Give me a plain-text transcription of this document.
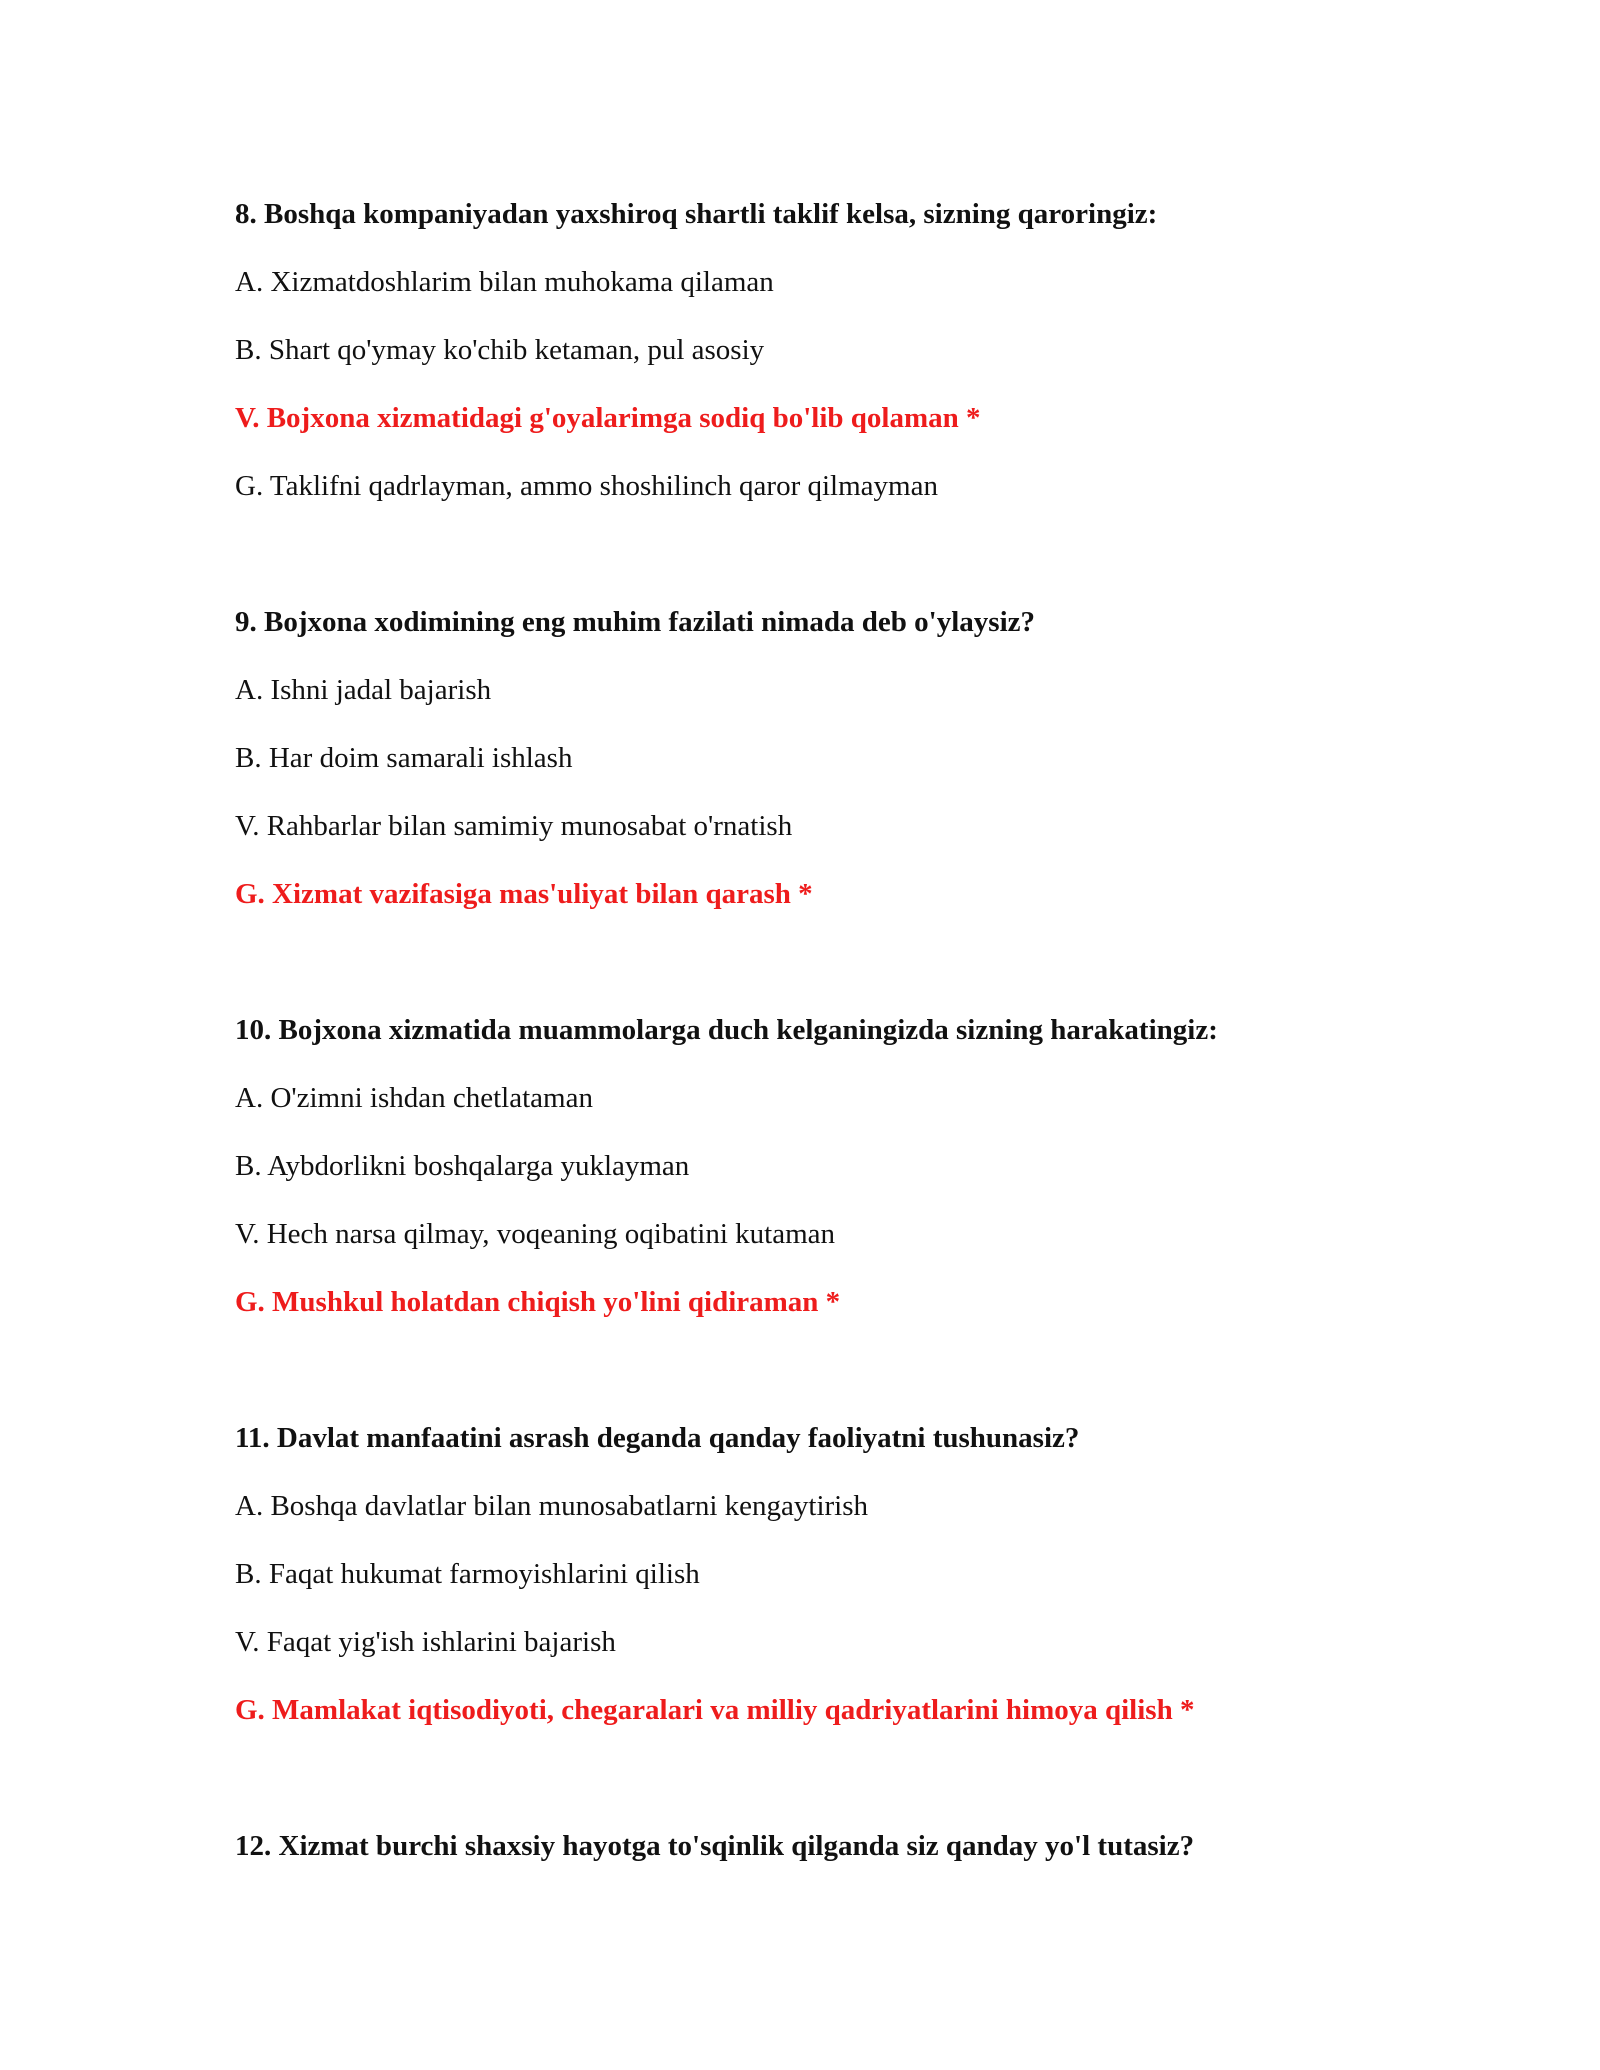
8. Boshqa kompaniyadan yaxshiroq shartli taklif kelsa, sizning qaroringiz:

A. Xizmatdoshlarim bilan muhokama qilaman

B. Shart qo'ymay ko'chib ketaman, pul asosiy

V. Bojxona xizmatidagi g'oyalarimga sodiq bo'lib qolaman *

G. Taklifni qadrlayman, ammo shoshilinch qaror qilmayman

9. Bojxona xodimining eng muhim fazilati nimada deb o'ylaysiz?

A. Ishni jadal bajarish

B. Har doim samarali ishlash

V. Rahbarlar bilan samimiy munosabat o'rnatish

G. Xizmat vazifasiga mas'uliyat bilan qarash *

10. Bojxona xizmatida muammolarga duch kelganingizda sizning harakatingiz:

A. O'zimni ishdan chetlataman

B. Aybdorlikni boshqalarga yuklayman

V. Hech narsa qilmay, voqeaning oqibatini kutaman

G. Mushkul holatdan chiqish yo'lini qidiraman *

11. Davlat manfaatini asrash deganda qanday faoliyatni tushunasiz?

A. Boshqa davlatlar bilan munosabatlarni kengaytirish

B. Faqat hukumat farmoyishlarini qilish

V. Faqat yig'ish ishlarini bajarish

G. Mamlakat iqtisodiyoti, chegaralari va milliy qadriyatlarini himoya qilish *

12. Xizmat burchi shaxsiy hayotga to'sqinlik qilganda siz qanday yo'l tutasiz?
